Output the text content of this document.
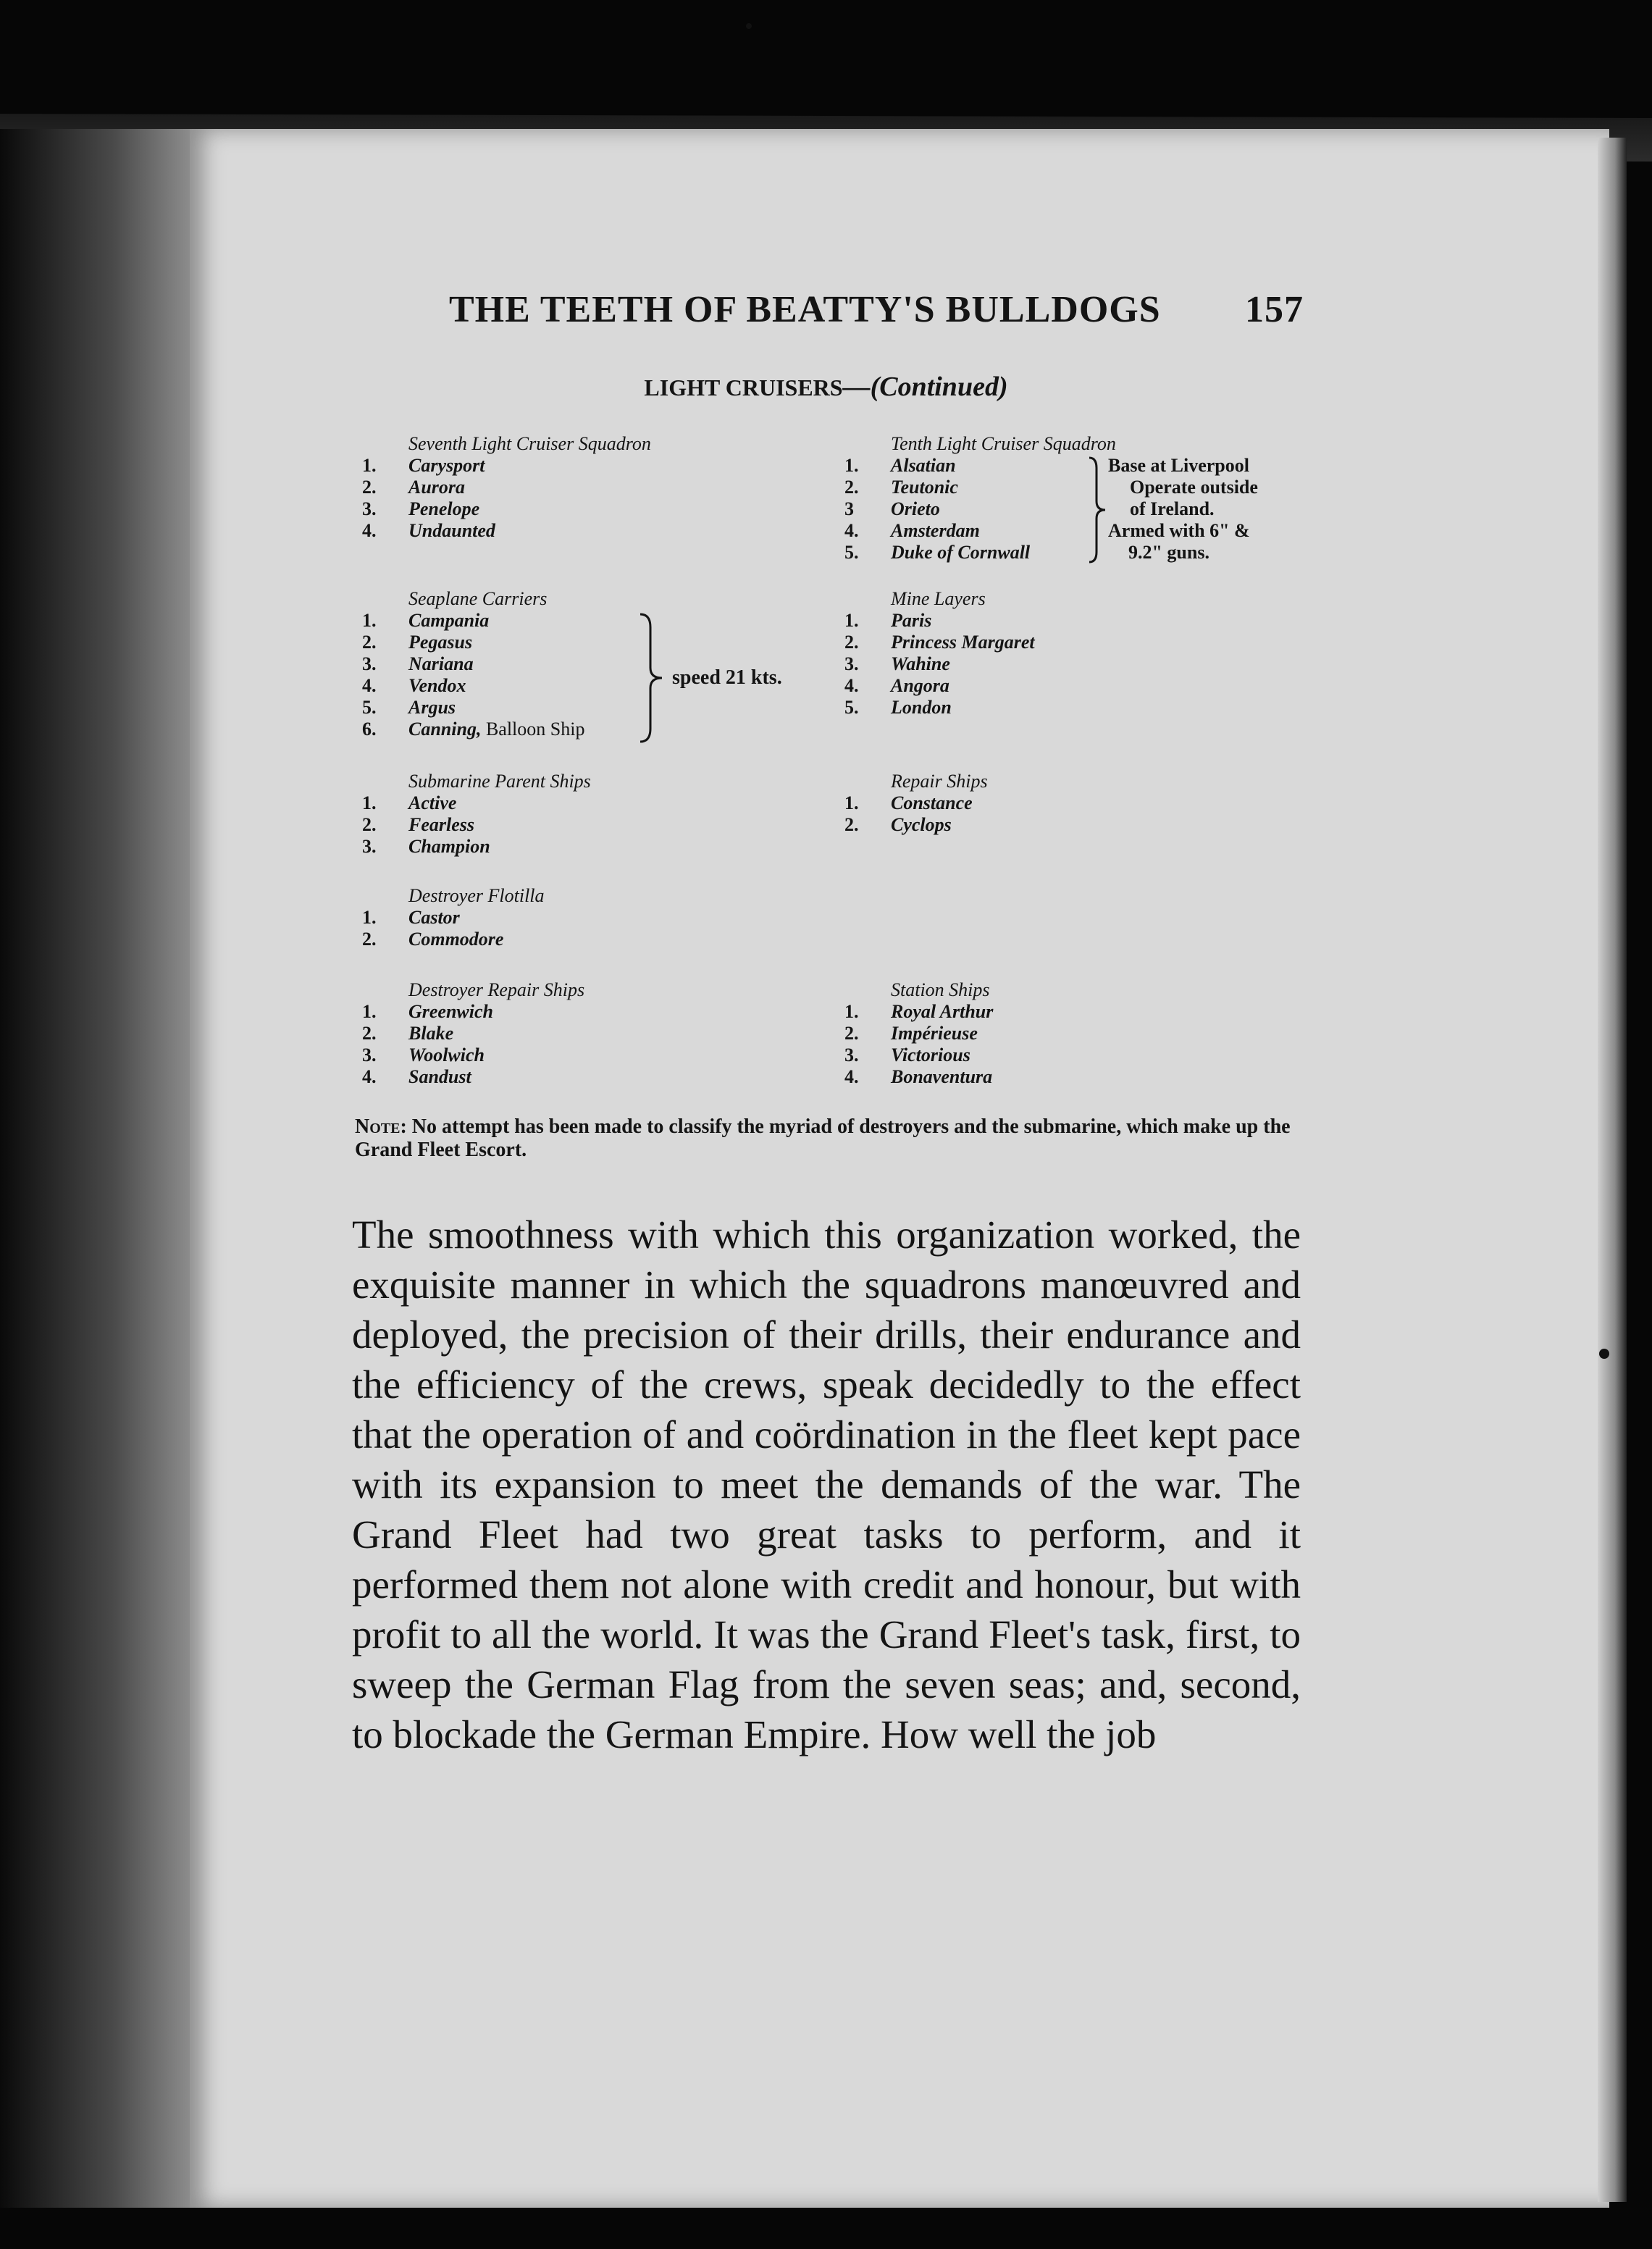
THE TEETH OF BEATTY'S BULLDOGS 157
LIGHT CRUISERS—(Continued)
Seventh Light Cruiser Squadron
1. Carysport
2. Aurora
3. Penelope
4. Undaunted
Seaplane Carriers
1. Campania
2. Pegasus
3. Nariana
4. Vendox
5. Argus
6. Canning, Balloon Ship
speed 21 kts.
Submarine Parent Ships
1. Active
2. Fearless
3. Champion
Destroyer Flotilla
1. Castor
2. Commodore
Destroyer Repair Ships
1. Greenwich
2. Blake
3. Woolwich
4. Sandust
Tenth Light Cruiser Squadron
1. Alsatian
2. Teutonic
3 Orieto
4. Amsterdam
5. Duke of Cornwall
Base at Liverpool
Operate outside
of Ireland.
Armed with 6" &
9.2" guns.
Mine Layers
1. Paris
2. Princess Margaret
3. Wahine
4. Angora
5. London
Repair Ships
1. Constance
2. Cyclops
Station Ships
1. Royal Arthur
2. Impérieuse
3. Victorious
4. Bonaventura
Note: No attempt has been made to classify the myriad of destroyers and the submarine, which make up the Grand Fleet Escort.

The smoothness with which this organization worked, the exquisite manner in which the squadrons manœuvred and deployed, the precision of their drills, their endurance and the efficiency of the crews, speak decidedly to the effect that the operation of and coördination in the fleet kept pace with its expansion to meet the demands of the war. The Grand Fleet had two great tasks to perform, and it performed them not alone with credit and honour, but with profit to all the world. It was the Grand Fleet's task, first, to sweep the German Flag from the seven seas; and, second, to blockade the German Empire. How well the job
